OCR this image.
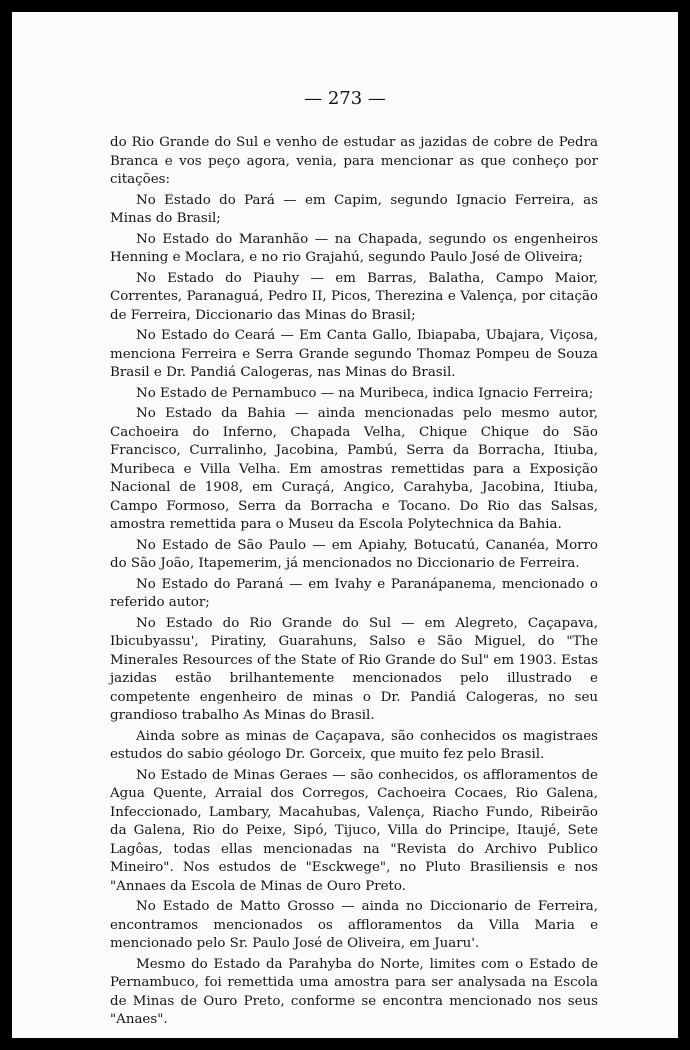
— 273 —

do Rio Grande do Sul e venho de estudar as jazidas de cobre de Pedra Branca e vos peço agora, venia, para mencionar as que conheço por citações:

No Estado do Pará — em Capim, segundo Ignacio Ferreira, as Minas do Brasil;

No Estado do Maranhão — na Chapada, segundo os engenheiros Henning e Moclara, e no rio Grajahú, segundo Paulo José de Oliveira;

No Estado do Piauhy — em Barras, Balatha, Campo Maior, Correntes, Paranaguá, Pedro II, Picos, Therezina e Valença, por citação de Ferreira, Diccionario das Minas do Brasil;

No Estado do Ceará — Em Canta Gallo, Ibiapaba, Ubajara, Viçosa, menciona Ferreira e Serra Grande segundo Thomaz Pompeu de Souza Brasil e Dr. Pandiá Calogeras, nas Minas do Brasil.

No Estado de Pernambuco — na Muribeca, indica Ignacio Ferreira;

No Estado da Bahia — ainda mencionadas pelo mesmo autor, Cachoeira do Inferno, Chapada Velha, Chique Chique do São Francisco, Curralinho, Jacobina, Pambú, Serra da Borracha, Itiuba, Muribeca e Villa Velha. Em amostras remettidas para a Exposição Nacional de 1908, em Curaçá, Angico, Carahyba, Jacobina, Itiuba, Campo Formoso, Serra da Borracha e Tocano. Do Rio das Salsas, amostra remettida para o Museu da Escola Polytechnica da Bahia.

No Estado de São Paulo — em Apiahy, Botucatú, Cananéa, Morro do São João, Itapemerim, já mencionados no Diccionario de Ferreira.

No Estado do Paraná — em Ivahy e Paranápanema, mencionado o referido autor;

No Estado do Rio Grande do Sul — em Alegreto, Caçapava, Ibicubyassu', Piratiny, Guarahuns, Salso e São Miguel, do "The Minerales Resources of the State of Rio Grande do Sul" em 1903. Estas jazidas estão brilhantemente mencionados pelo illustrado e competente engenheiro de minas o Dr. Pandiá Calogeras, no seu grandioso trabalho As Minas do Brasil.

Ainda sobre as minas de Caçapava, são conhecidos os magistraes estudos do sabio géologo Dr. Gorceix, que muito fez pelo Brasil.

No Estado de Minas Geraes — são conhecidos, os affloramentos de Agua Quente, Arraial dos Corregos, Cachoeira Cocaes, Rio Galena, Infeccionado, Lambary, Macahubas, Valença, Riacho Fundo, Ribeirão da Galena, Rio do Peixe, Sipó, Tijuco, Villa do Principe, Itaujé, Sete Lagôas, todas ellas mencionadas na "Revista do Archivo Publico Mineiro". Nos estudos de "Esckwege", no Pluto Brasiliensis e nos "Annaes da Escola de Minas de Ouro Preto.

No Estado de Matto Grosso — ainda no Diccionario de Ferreira, encontramos mencionados os affloramentos da Villa Maria e mencionado pelo Sr. Paulo José de Oliveira, em Juaru'.

Mesmo do Estado da Parahyba do Norte, limites com o Estado de Pernambuco, foi remettida uma amostra para ser analysada na Escola de Minas de Ouro Preto, conforme se encontra mencionado nos seus "Anaes".
